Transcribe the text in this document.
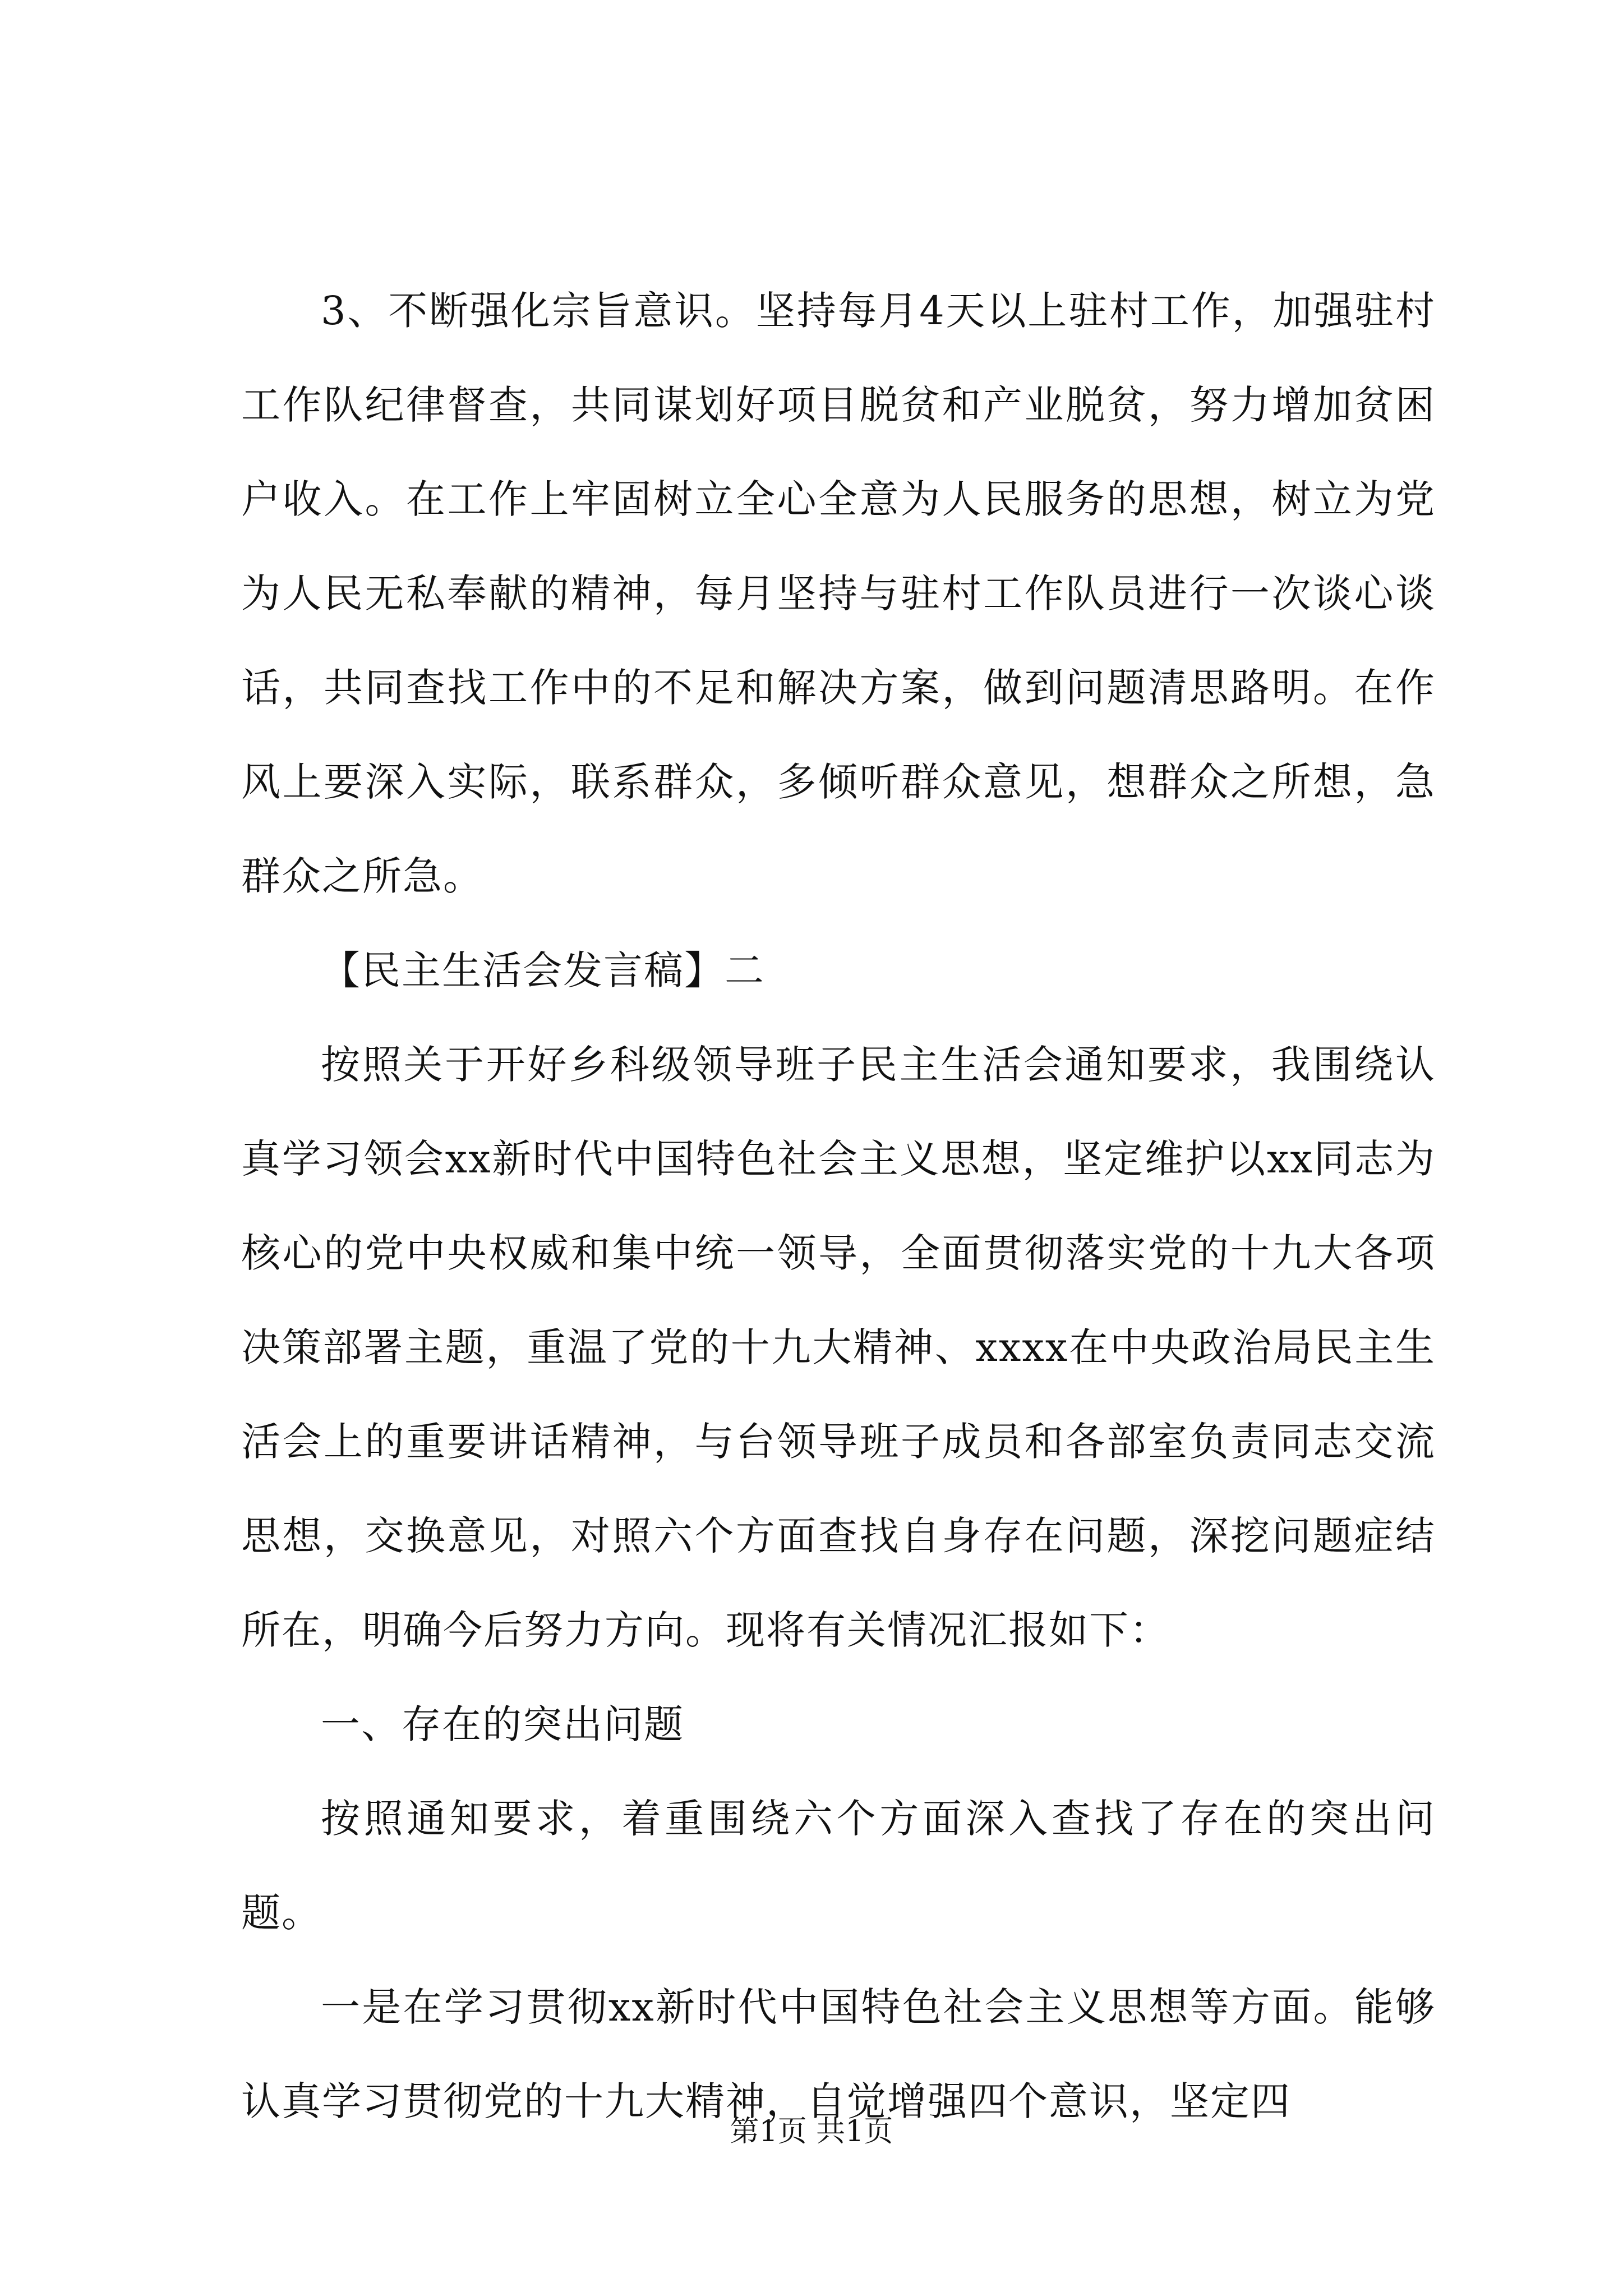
3、不断强化宗旨意识。坚持每月4天以上驻村工作，加强驻村工作队纪律督查，共同谋划好项目脱贫和产业脱贫，努力增加贫困户收入。在工作上牢固树立全心全意为人民服务的思想，树立为党为人民无私奉献的精神，每月坚持与驻村工作队员进行一次谈心谈话，共同查找工作中的不足和解决方案，做到问题清思路明。在作风上要深入实际，联系群众，多倾听群众意见，想群众之所想，急群众之所急。

【民主生活会发言稿】二

按照关于开好乡科级领导班子民主生活会通知要求，我围绕认真学习领会xx新时代中国特色社会主义思想，坚定维护以xx同志为核心的党中央权威和集中统一领导，全面贯彻落实党的十九大各项决策部署主题，重温了党的十九大精神、xxxx在中央政治局民主生活会上的重要讲话精神，与台领导班子成员和各部室负责同志交流思想，交换意见，对照六个方面查找自身存在问题，深挖问题症结所在，明确今后努力方向。现将有关情况汇报如下：

一、存在的突出问题

按照通知要求，着重围绕六个方面深入查找了存在的突出问题。

一是在学习贯彻xx新时代中国特色社会主义思想等方面。能够认真学习贯彻党的十九大精神，自觉增强四个意识，坚定四

第1页 共1页
